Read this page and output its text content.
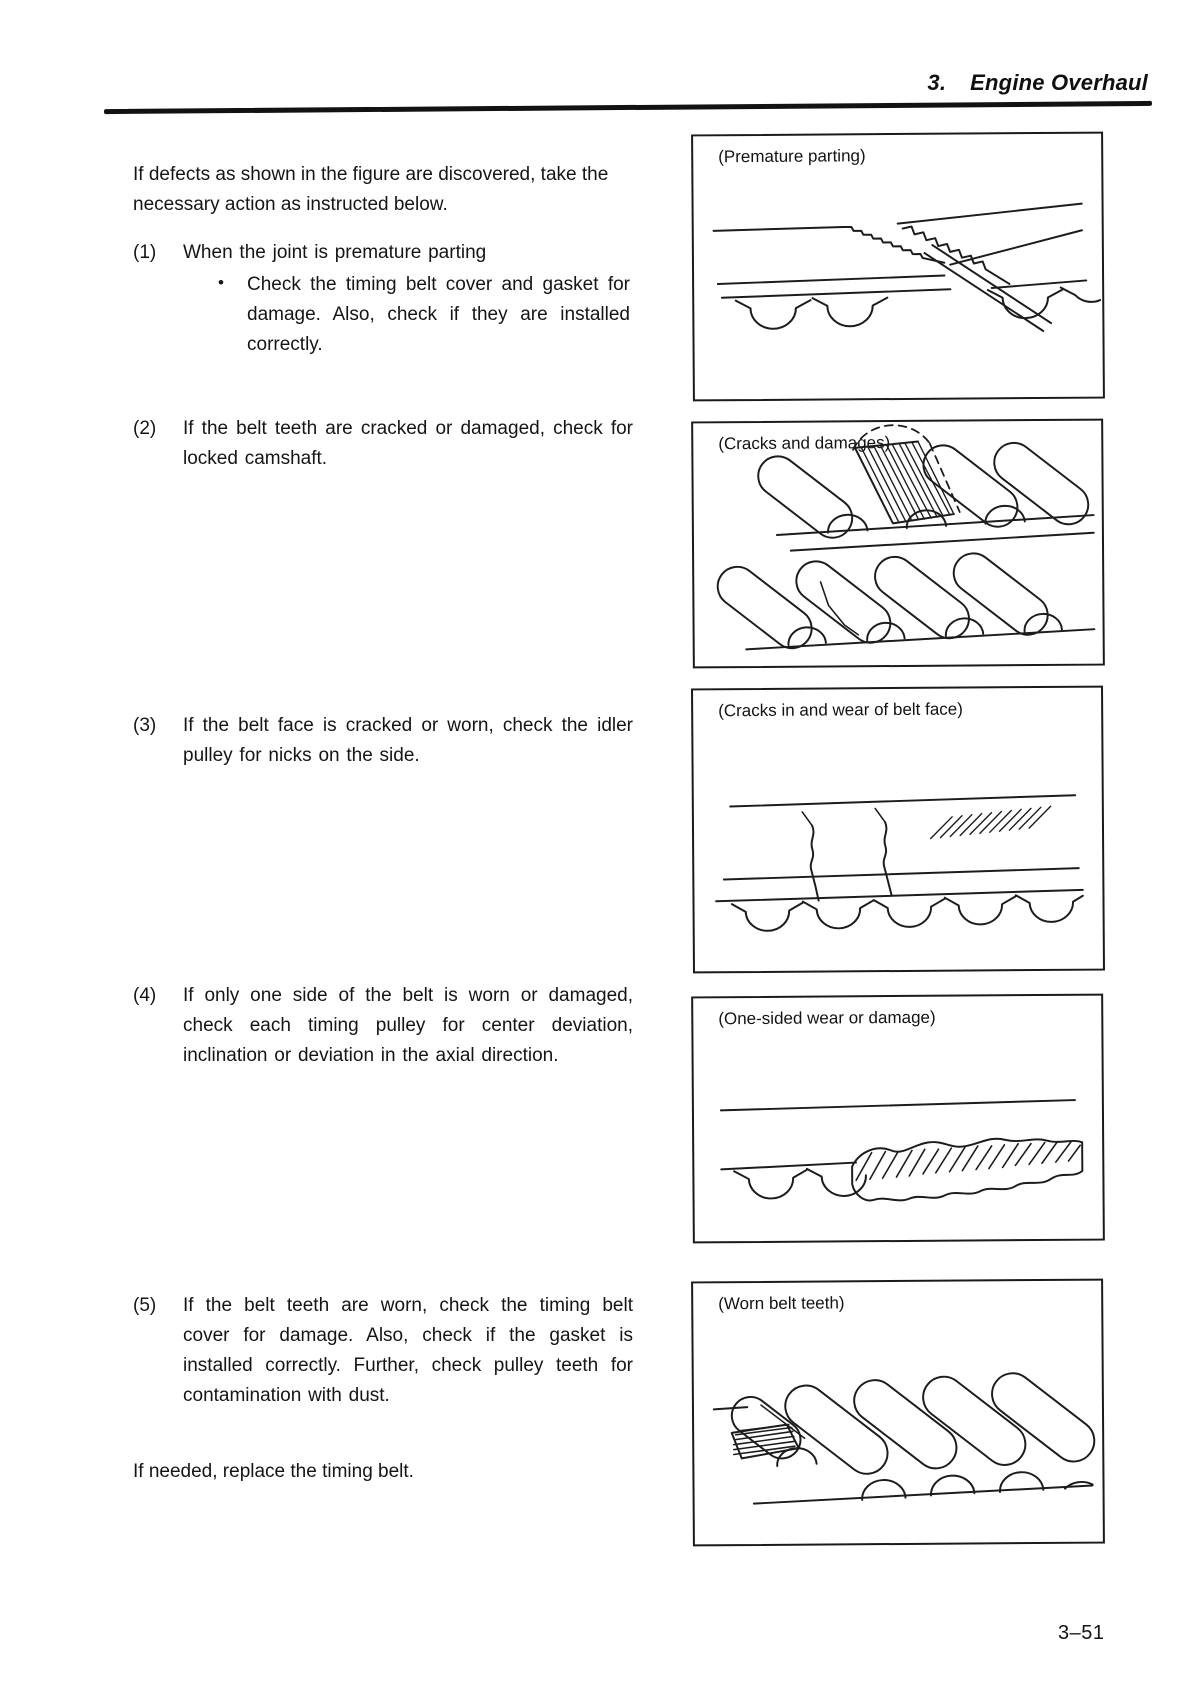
3. Engine Overhaul

If defects as shown in the figure are discovered, take the necessary action as instructed below.

(1) When the joint is premature parting
• Check the timing belt cover and gasket for damage. Also, check if they are installed correctly.
(2) If the belt teeth are cracked or damaged, check for locked camshaft.
(3) If the belt face is cracked or worn, check the idler pulley for nicks on the side.
(4) If only one side of the belt is worn or damaged, check each timing pulley for center deviation, inclination or deviation in the axial direction.
(5) If the belt teeth are worn, check the timing belt cover for damage. Also, check if the gasket is installed correctly. Further, check pulley teeth for contamination with dust.

If needed, replace the timing belt.

(Premature parting)
(Cracks and damages)
(Cracks in and wear of belt face)
(One-sided wear or damage)
(Worn belt teeth)
3–51
